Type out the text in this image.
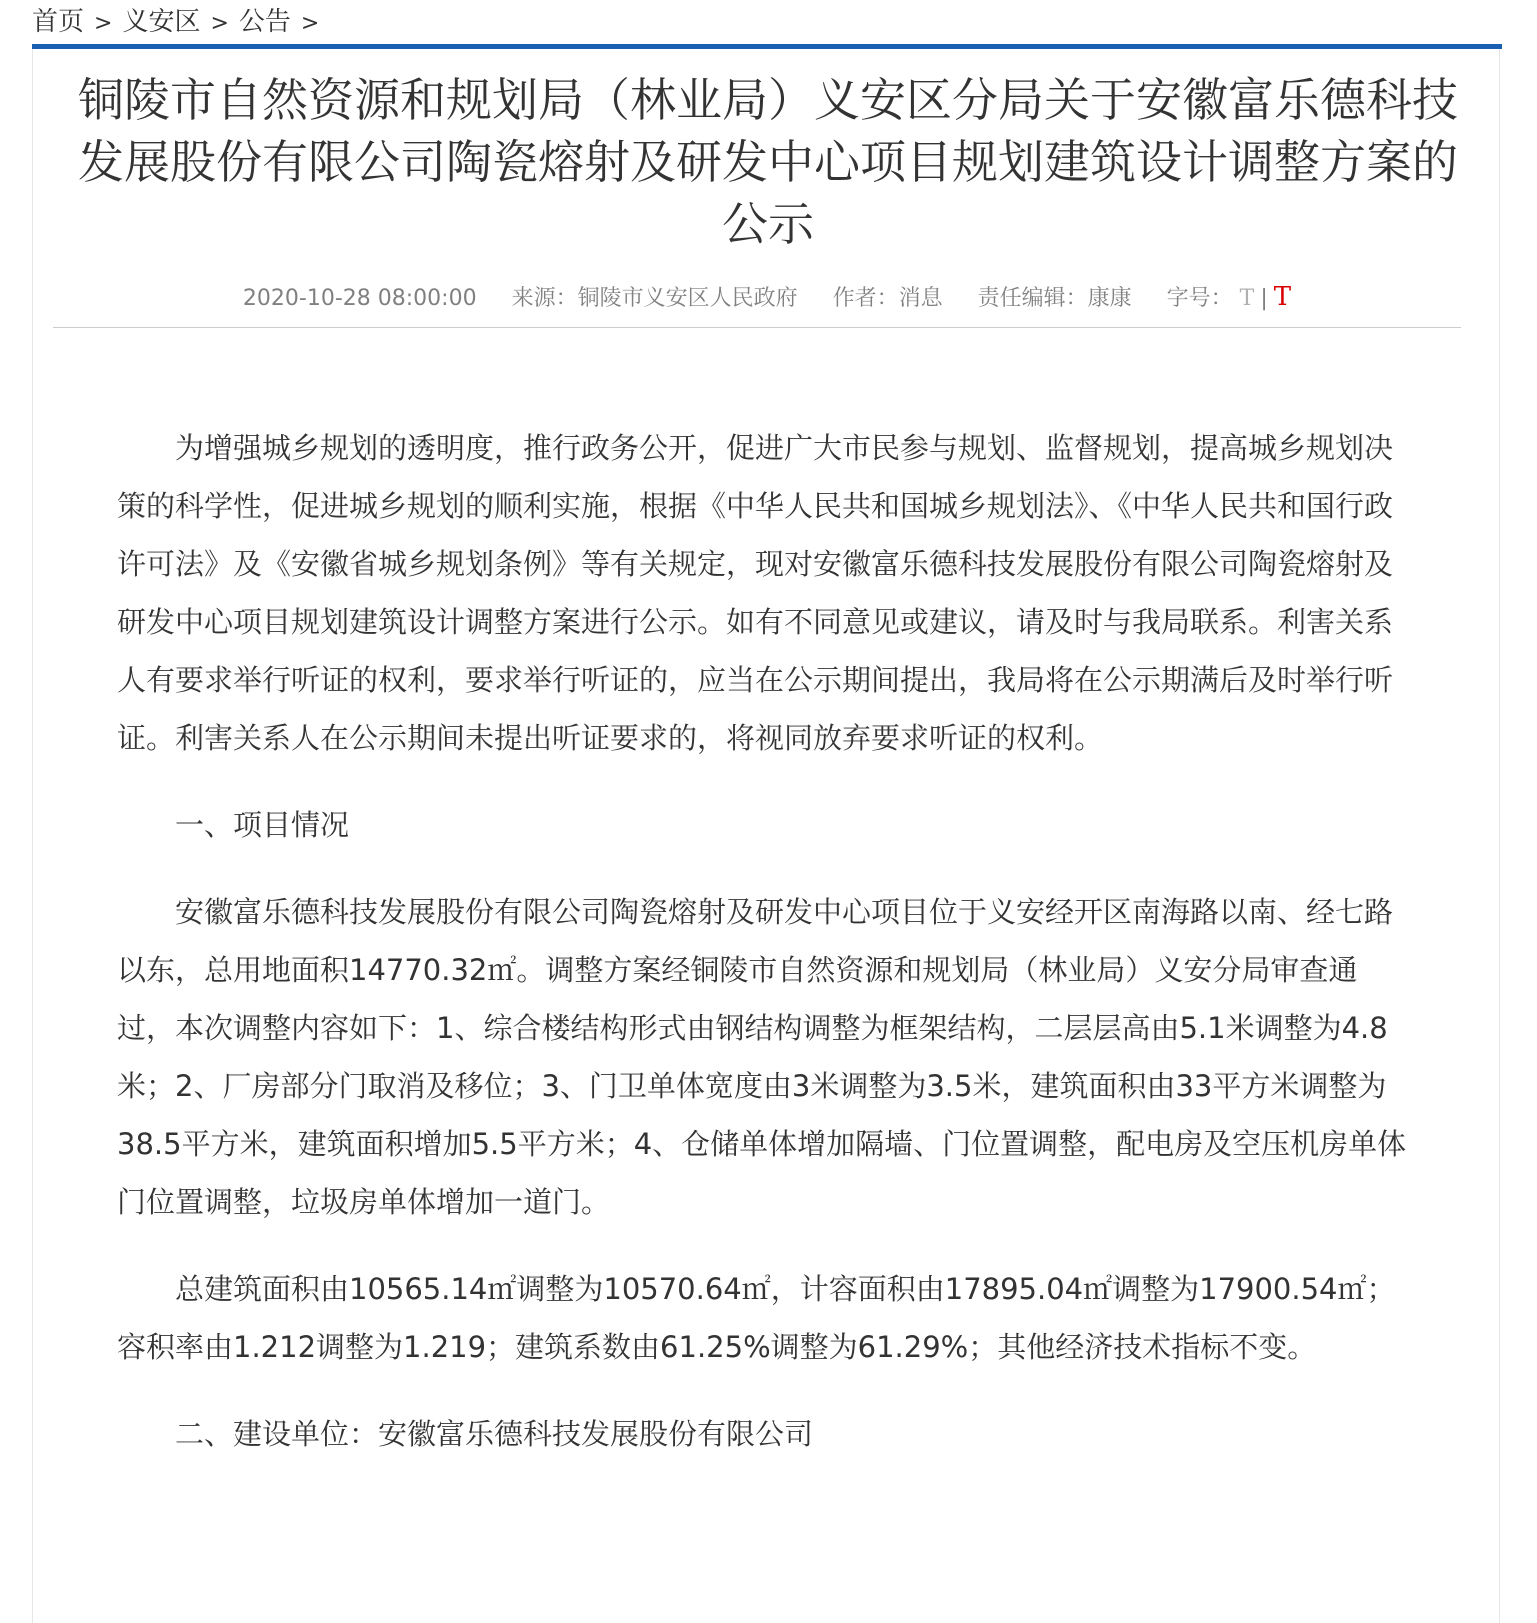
首页 > 义安区 > 公告 >
铜陵市自然资源和规划局（林业局）义安区分局关于安徽富乐德科技发展股份有限公司陶瓷熔射及研发中心项目规划建筑设计调整方案的公示
2020-10-28 08:00:00 来源：铜陵市义安区人民政府 作者：消息 责任编辑：康康 字号： T | T

为增强城乡规划的透明度，推行政务公开，促进广大市民参与规划、监督规划，提高城乡规划决策的科学性，促进城乡规划的顺利实施，根据《中华人民共和国城乡规划法》、《中华人民共和国行政许可法》及《安徽省城乡规划条例》等有关规定，现对安徽富乐德科技发展股份有限公司陶瓷熔射及研发中心项目规划建筑设计调整方案进行公示。如有不同意见或建议，请及时与我局联系。利害关系人有要求举行听证的权利，要求举行听证的，应当在公示期间提出，我局将在公示期满后及时举行听证。利害关系人在公示期间未提出听证要求的，将视同放弃要求听证的权利。

一、项目情况

安徽富乐德科技发展股份有限公司陶瓷熔射及研发中心项目位于义安经开区南海路以南、经七路以东，总用地面积14770.32㎡。调整方案经铜陵市自然资源和规划局（林业局）义安分局审查通过，本次调整内容如下：1、综合楼结构形式由钢结构调整为框架结构，二层层高由5.1米调整为4.8米；2、厂房部分门取消及移位；3、门卫单体宽度由3米调整为3.5米，建筑面积由33平方米调整为38.5平方米，建筑面积增加5.5平方米；4、仓储单体增加隔墙、门位置调整，配电房及空压机房单体门位置调整，垃圾房单体增加一道门。

总建筑面积由10565.14㎡调整为10570.64㎡，计容面积由17895.04㎡调整为17900.54㎡；容积率由1.212调整为1.219；建筑系数由61.25%调整为61.29%；其他经济技术指标不变。

二、建设单位：安徽富乐德科技发展股份有限公司
